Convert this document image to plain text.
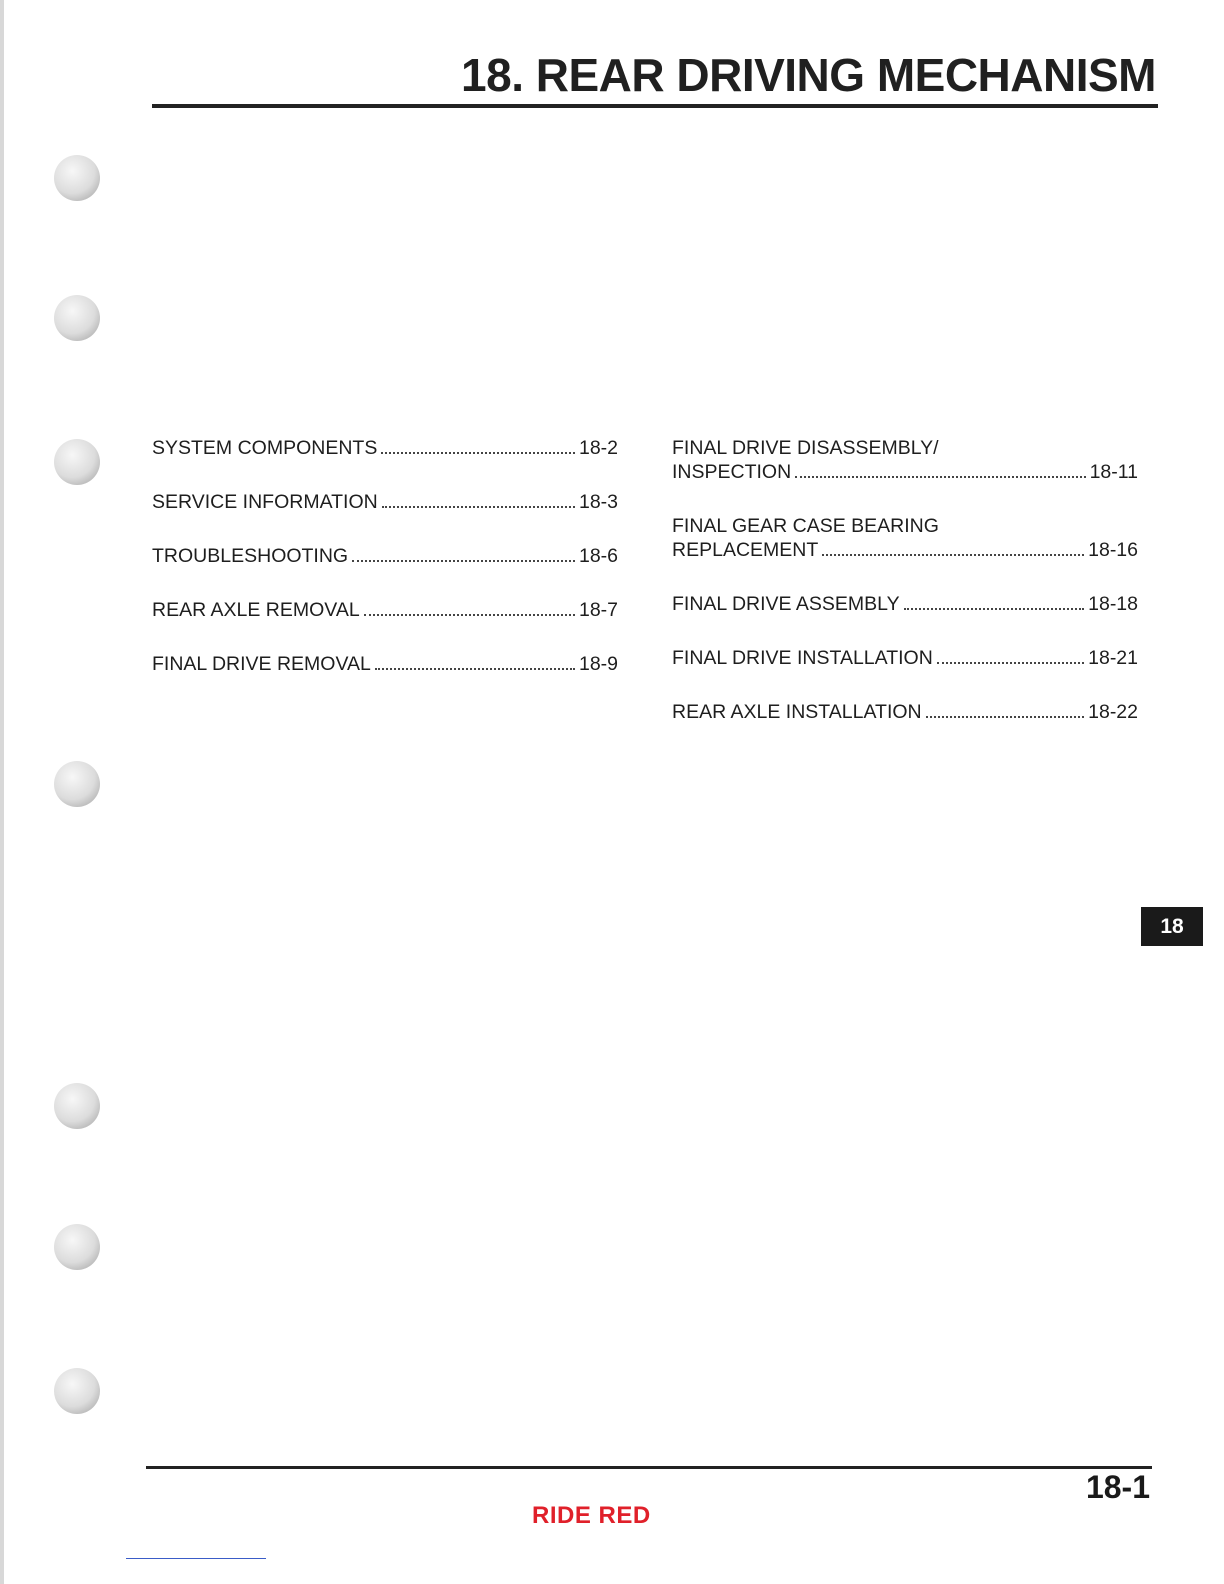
18. REAR DRIVING MECHANISM
SYSTEM COMPONENTS	18-2
SERVICE INFORMATION	18-3
TROUBLESHOOTING	18-6
REAR AXLE REMOVAL	18-7
FINAL DRIVE REMOVAL	18-9
FINAL DRIVE DISASSEMBLY/
INSPECTION	18-11
FINAL GEAR CASE BEARING
REPLACEMENT	18-16
FINAL DRIVE ASSEMBLY	18-18
FINAL DRIVE INSTALLATION	18-21
REAR AXLE INSTALLATION	18-22
18
18-1
RIDE RED
